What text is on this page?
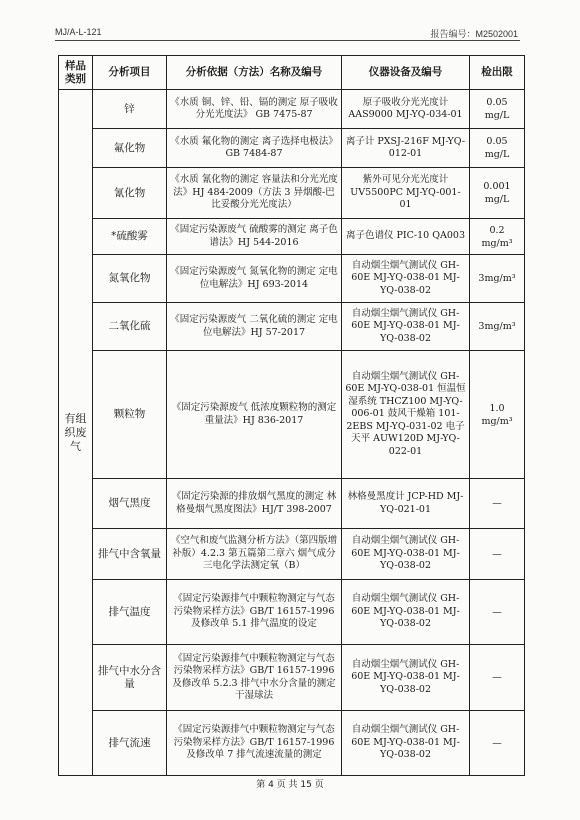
MJ/A-L-121	报告编号：M2502001
样品类别	分析项目	分析依据（方法）名称及编号	仪器设备及编号	检出限
有组织废气	锌	《水质 铜、锌、铅、镉的测定 原子吸收分光光度法》 GB 7475-87	原子吸收分光光度计 AAS9000 MJ-YQ-034-01	0.05 mg/L
	氟化物	《水质 氟化物的测定 离子选择电极法》GB 7484-87	离子计 PXSJ-216F MJ-YQ-012-01	0.05 mg/L
	氰化物	《水质 氰化物的测定 容量法和分光光度法》HJ 484-2009（方法 3 异烟酸-巴比妥酸分光光度法）	紫外可见分光光度计 UV5500PC MJ-YQ-001-01	0.001 mg/L
	*硫酸雾	《固定污染源废气 硫酸雾的测定 离子色谱法》HJ 544-2016	离子色谱仪 PIC-10 QA003	0.2 mg/m³
	氮氧化物	《固定污染源废气 氮氧化物的测定 定电位电解法》HJ 693-2014	自动烟尘烟气测试仪 GH-60E MJ-YQ-038-01 MJ-YQ-038-02	3mg/m³
	二氧化硫	《固定污染源废气 二氧化硫的测定 定电位电解法》HJ 57-2017	自动烟尘烟气测试仪 GH-60E MJ-YQ-038-01 MJ-YQ-038-02	3mg/m³
	颗粒物	《固定污染源废气 低浓度颗粒物的测定 重量法》HJ 836-2017	自动烟尘烟气测试仪 GH-60E MJ-YQ-038-01 恒温恒湿系统 THCZ100 MJ-YQ-006-01 鼓风干燥箱 101-2EBS MJ-YQ-031-02 电子天平 AUW120D MJ-YQ-022-01	1.0 mg/m³
	烟气黑度	《固定污染源的排放烟气黑度的测定 林格曼烟气黑度图法》HJ/T 398-2007	林格曼黑度计 JCP-HD MJ-YQ-021-01	—
	排气中含氧量	《空气和废气监测分析方法》（第四版增补版）4.2.3 第五篇第二章六 烟气成分三电化学法测定氧（B）	自动烟尘烟气测试仪 GH-60E MJ-YQ-038-01 MJ-YQ-038-02	—
	排气温度	《固定污染源排气中颗粒物测定与气态污染物采样方法》GB/T 16157-1996 及修改单 5.1 排气温度的设定	自动烟尘烟气测试仪 GH-60E MJ-YQ-038-01 MJ-YQ-038-02	—
	排气中水分含量	《固定污染源排气中颗粒物测定与气态污染物采样方法》GB/T 16157-1996 及修改单 5.2.3 排气中水分含量的测定 干湿球法	自动烟尘烟气测试仪 GH-60E MJ-YQ-038-01 MJ-YQ-038-02	—
	排气流速	《固定污染源排气中颗粒物测定与气态污染物采样方法》GB/T 16157-1996 及修改单 7 排气流速流量的测定	自动烟尘烟气测试仪 GH-60E MJ-YQ-038-01 MJ-YQ-038-02	—
第 4 页 共 15 页
